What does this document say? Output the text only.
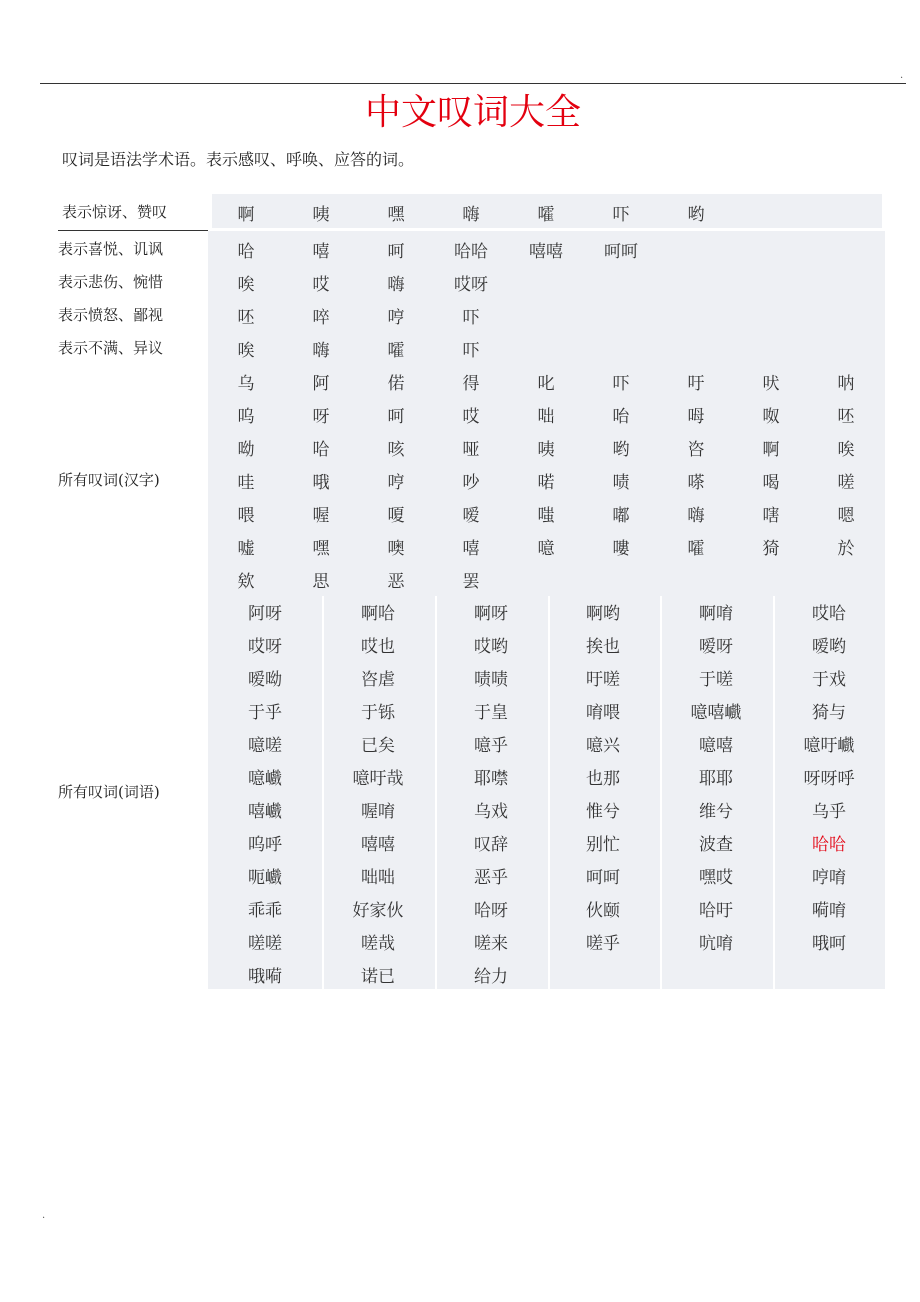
.
中文叹词大全
叹词是语法学术语。表示感叹、呼唤、应答的词。
表示惊讶、赞叹
表示喜悦、讥讽
表示悲伤、惋惜
表示愤怒、鄙视
表示不满、异议
所有叹词(汉字)
所有叹词(词语)
啊	咦	嘿	嗨	嚯	吓	哟
哈	嘻	呵	哈哈	嘻嘻	呵呵
唉	哎	嗨	哎呀
呸	啐	哼	吓
唉	嗨	嚯	吓
乌	阿	偌	得	叱	吓	吁	吠	呐
呜	呀	呵	哎	咄	咍	呣	呶	呸
呦	哈	咳	哑	咦	哟	咨	啊	唉
哇	哦	哼	吵	喏	啧	嗏	喝	嗟
喂	喔	嗄	嗳	嗤	嘟	嗨	嗐	嗯
嘘	嘿	噢	嘻	噫	嘍	嚯	猗	於
欸	思	恶	罢
阿呀	啊哈	啊呀	啊哟	啊唷	哎哈
哎呀	哎也	哎哟	挨也	嗳呀	嗳哟
嗳呦	咨虐	啧啧	吁嗟	于嗟	于戏
于乎	于铄	于皇	唷喂	噫嘻巇	猗与
噫嗟	已矣	噫乎	噫兴	噫嘻	噫吁巇
噫巇	噫吁哉	耶噤	也那	耶耶	呀呀呼
嘻巇	喔唷	乌戏	惟兮	维兮	乌乎
呜呼	嘻嘻	叹辞	别忙	波查	哈哈
呃巇	咄咄	恶乎	呵呵	嘿哎	哼唷
乖乖	好家伙	哈呀	伙颐	哈吁	嗬唷
嗟嗟	嗟哉	嗟来	嗟乎	吭唷	哦呵
哦嗬	诺已	给力
.
